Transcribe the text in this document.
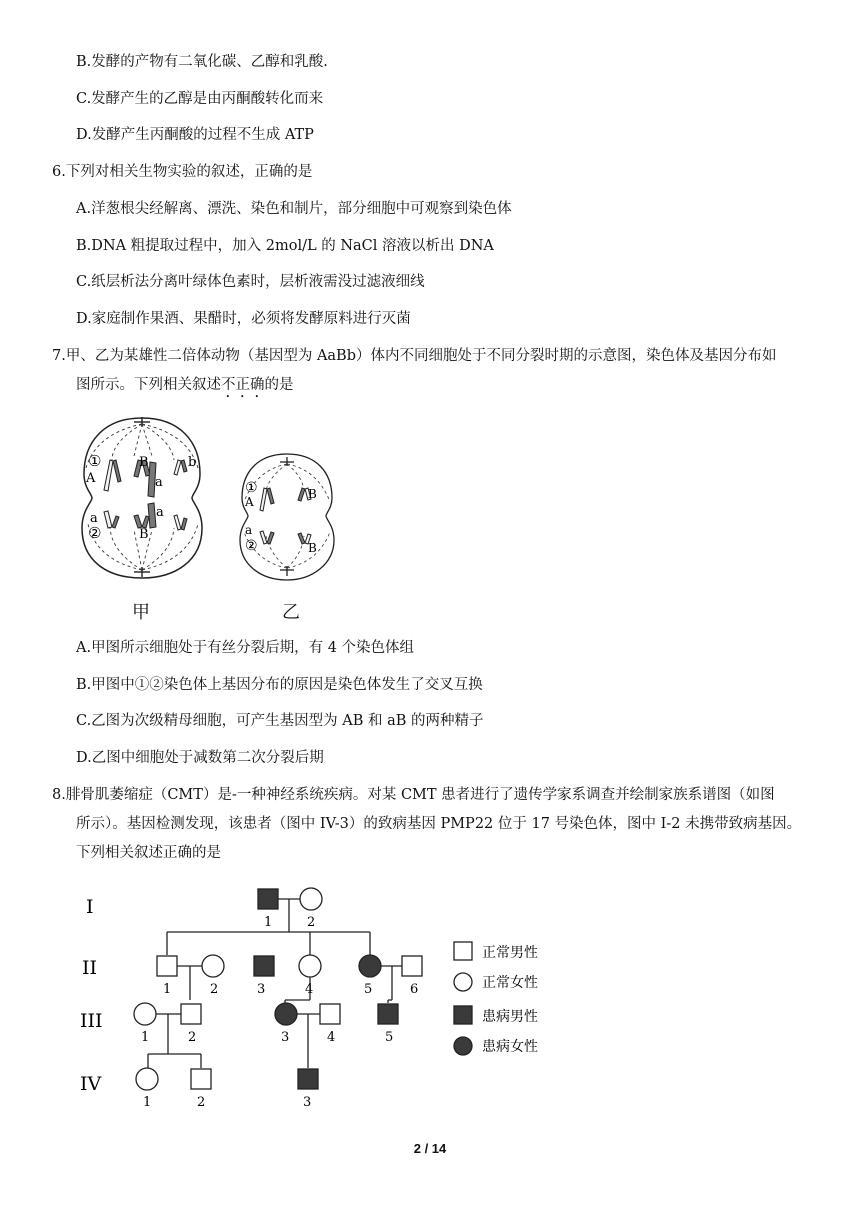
B.发酵的产物有二氧化碳、乙醇和乳酸.
C.发酵产生的乙醇是由丙酮酸转化而来
D.发酵产生丙酮酸的过程不生成 ATP
6.下列对相关生物实验的叙述，正确的是
A.洋葱根尖经解离、漂洗、染色和制片，部分细胞中可观察到染色体
B.DNA 粗提取过程中，加入 2mol/L 的 NaCl 溶液以析出 DNA
C.纸层析法分离叶绿体色素时，层析液需没过滤液细线
D.家庭制作果酒、果醋时，必须将发酵原料进行灭菌
7.甲、乙为某雄性二倍体动物（基因型为 AaBb）体内不同细胞处于不同分裂时期的示意图，染色体及基因分布如
图所示。下列相关叙述不正确的是
①
A
B
a
b
a	a
②	B
甲
①
A
B
a
②	B
乙
A.甲图所示细胞处于有丝分裂后期，有 4 个染色体组
B.甲图中①②染色体上基因分布的原因是染色体发生了交叉互换
C.乙图为次级精母细胞，可产生基因型为 AB 和 aB 的两种精子
D.乙图中细胞处于减数第二次分裂后期
8.腓骨肌萎缩症（CMT）是-一种神经系统疾病。对某 CMT 患者进行了遗传学家系调查并绘制家族系谱图（如图
所示）。基因检测发现，该患者（图中 IV-3）的致病基因 PMP22 位于 17 号染色体，图中 I-2 未携带致病基因。
下列相关叙述正确的是
I
II
III
IV
1	2
1	2	3	4	5	6
1	2	3	4	5
1	2	3
正常男性
正常女性
患病男性
患病女性
2 / 14
